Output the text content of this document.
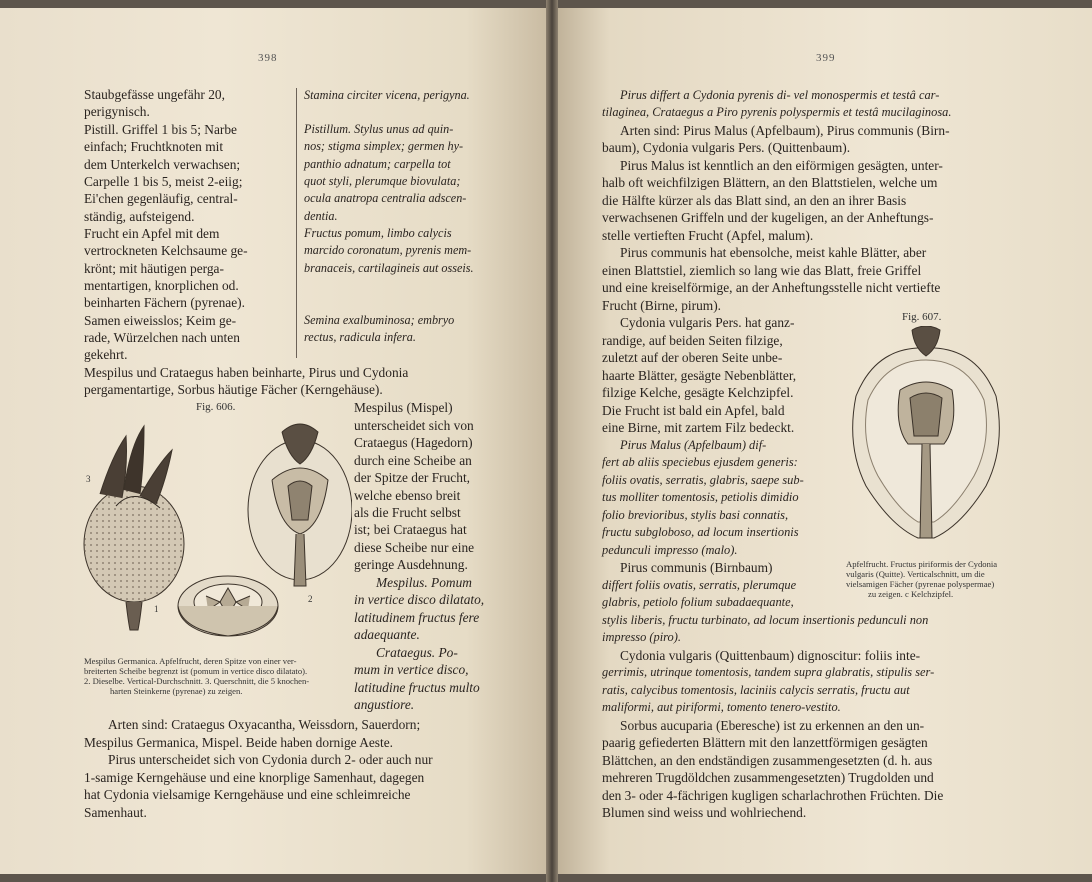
398
Staubgefässe ungefähr 20,
perigynisch.
Pistill. Griffel 1 bis 5; Narbe
einfach; Fruchtknoten mit
dem Unterkelch verwachsen;
Carpelle 1 bis 5, meist 2-eiig;
Ei'chen gegenläufig, central-
ständig, aufsteigend.
Frucht ein Apfel mit dem
vertrockneten Kelchsaume ge-
krönt; mit häutigen perga-
mentartigen, knorplichen od.
beinharten Fächern (pyrenae).
Samen eiweisslos; Keim ge-
rade, Würzelchen nach unten
gekehrt.
Stamina circiter vicena, perigyna.
Pistillum. Stylus unus ad quin-
nos; stigma simplex; germen hy-
panthio adnatum; carpella tot
quot styli, plerumque biovulata;
ocula anatropa centralia adscen-
dentia.
Fructus pomum, limbo calycis
marcido coronatum, pyrenis mem-
branaceis, cartilagineis aut osseis.
Semina exalbuminosa; embryo
rectus, radicula infera.
Mespilus und Crataegus haben beinharte, Pirus und Cydonia
pergamentartige, Sorbus häutige Fächer (Kerngehäuse).
Fig. 606.
3
2
1
Mespilus (Mispel)
unterscheidet sich von
Crataegus (Hagedorn)
durch eine Scheibe an
der Spitze der Frucht,
welche ebenso breit
als die Frucht selbst
ist; bei Crataegus hat
diese Scheibe nur eine
geringe Ausdehnung.
Mespilus. Pomum
in vertice disco dilatato,
latitudinem fructus fere
adaequante.
Crataegus. Po-
mum in vertice disco,
latitudine fructus multo
angustiore.
Mespilus Germanica. Apfelfrucht, deren Spitze von einer ver-
breiterten Scheibe begrenzt ist (pomum in vertice disco dilatato).
2. Dieselbe. Vertical-Durchschnitt. 3. Querschnitt, die 5 knochen-
harten Steinkerne (pyrenae) zu zeigen.
Arten sind: Crataegus Oxyacantha, Weissdorn, Sauerdorn;
Mespilus Germanica, Mispel. Beide haben dornige Aeste.
Pirus unterscheidet sich von Cydonia durch 2- oder auch nur
1-samige Kerngehäuse und eine knorplige Samenhaut, dagegen
hat Cydonia vielsamige Kerngehäuse und eine schleimreiche
Samenhaut.
399
Pirus differt a Cydonia pyrenis di- vel monospermis et testâ car-
tilaginea, Crataegus a Piro pyrenis polyspermis et testâ mucilaginosa.
Arten sind: Pirus Malus (Apfelbaum), Pirus communis (Birn-
baum), Cydonia vulgaris Pers. (Quittenbaum).
Pirus Malus ist kenntlich an den eiförmigen gesägten, unter-
halb oft weichfilzigen Blättern, an den Blattstielen, welche um
die Hälfte kürzer als das Blatt sind, an den an ihrer Basis
verwachsenen Griffeln und der kugeligen, an der Anheftungs-
stelle vertieften Frucht (Apfel, malum).
Pirus communis hat ebensolche, meist kahle Blätter, aber
einen Blattstiel, ziemlich so lang wie das Blatt, freie Griffel
und eine kreiselförmige, an der Anheftungsstelle nicht vertiefte
Frucht (Birne, pirum).
Cydonia vulgaris Pers. hat ganz-
randige, auf beiden Seiten filzige,
zuletzt auf der oberen Seite unbe-
haarte Blätter, gesägte Nebenblätter,
filzige Kelche, gesägte Kelchzipfel.
Die Frucht ist bald ein Apfel, bald
eine Birne, mit zartem Filz bedeckt.
Pirus Malus (Apfelbaum) dif-
fert ab aliis speciebus ejusdem generis:
foliis ovatis, serratis, glabris, saepe sub-
tus molliter tomentosis, petiolis dimidio
folio brevioribus, stylis basi connatis,
fructu subgloboso, ad locum insertionis
pedunculi impresso (malo).
Pirus communis (Birnbaum)
differt foliis ovatis, serratis, plerumque
glabris, petiolo folium subadaequante,
Fig. 607.
Apfelfrucht. Fructus piriformis der Cydonia
vulgaris (Quitte). Verticalschnitt, um die
vielsamigen Fächer (pyrenae polyspermae)
zu zeigen. c Kelchzipfel.
stylis liberis, fructu turbinato, ad locum insertionis pedunculi non
impresso (piro).
Cydonia vulgaris (Quittenbaum) dignoscitur: foliis inte-
gerrimis, utrinque tomentosis, tandem supra glabratis, stipulis ser-
ratis, calycibus tomentosis, laciniis calycis serratis, fructu aut
maliformi, aut piriformi, tomento tenero-vestito.
Sorbus aucuparia (Eberesche) ist zu erkennen an den un-
paarig gefiederten Blättern mit den lanzettförmigen gesägten
Blättchen, an den endständigen zusammengesetzten (d. h. aus
mehreren Trugdöldchen zusammengesetzten) Trugdolden und
den 3- oder 4-fächrigen kugligen scharlachrothen Früchten. Die
Blumen sind weiss und wohlriechend.
